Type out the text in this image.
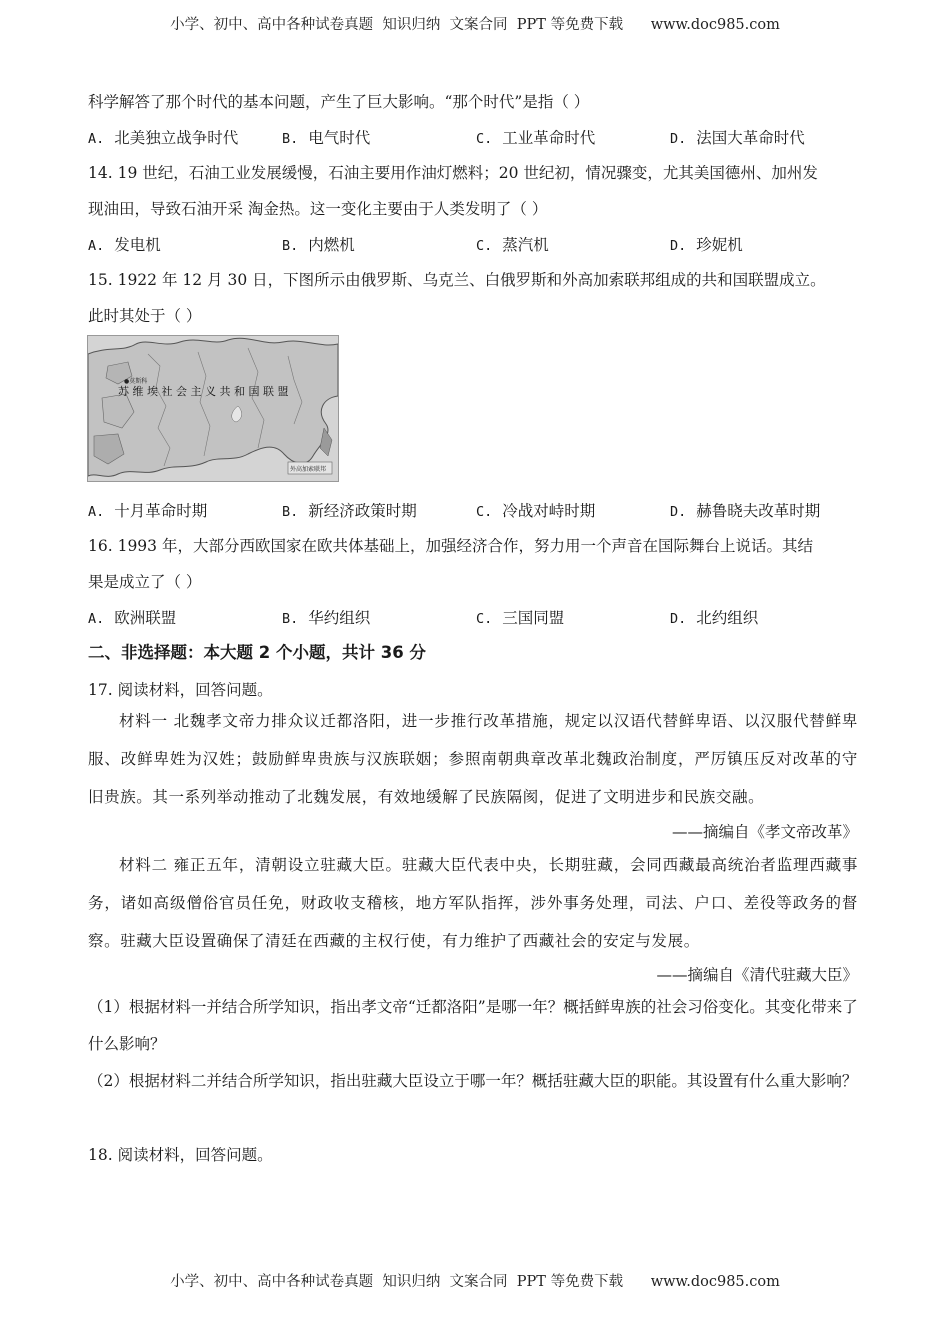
小学、初中、高中各种试卷真题  知识归纳  文案合同  PPT 等免费下载      www.doc985.com
科学解答了那个时代的基本问题，产生了巨大影响。“那个时代”是指（ ）
A. 北美独立战争时代	B. 电气时代	C. 工业革命时代	D. 法国大革命时代
14. 19 世纪，石油工业发展缓慢，石油主要用作油灯燃料；20 世纪初，情况骤变，尤其美国德州、加州发
现油田，导致石油开采 淘金热。这一变化主要由于人类发明了（ ）
A. 发电机	B. 内燃机	C. 蒸汽机	D. 珍妮机
15. 1922 年 12 月 30 日，下图所示由俄罗斯、乌克兰、白俄罗斯和外高加索联邦组成的共和国联盟成立。
此时其处于（ ）
●莫斯科
苏维埃社会主义共和国联盟
外高加索联邦
A. 十月革命时期	B. 新经济政策时期	C. 冷战对峙时期	D. 赫鲁晓夫改革时期
16. 1993 年，大部分西欧国家在欧共体基础上，加强经济合作，努力用一个声音在国际舞台上说话。其结
果是成立了（ ）
A. 欧洲联盟	B. 华约组织	C. 三国同盟	D. 北约组织
二、非选择题：本大题 2 个小题，共计 36 分
17. 阅读材料，回答问题。

材料一 北魏孝文帝力排众议迁都洛阳，进一步推行改革措施，规定以汉语代替鲜卑语、以汉服代替鲜卑服、改鲜卑姓为汉姓；鼓励鲜卑贵族与汉族联姻；参照南朝典章改革北魏政治制度，严厉镇压反对改革的守旧贵族。其一系列举动推动了北魏发展，有效地缓解了民族隔阂，促进了文明进步和民族交融。

——摘编自《孝文帝改革》

材料二 雍正五年，清朝设立驻藏大臣。驻藏大臣代表中央，长期驻藏，会同西藏最高统治者监理西藏事务，诸如高级僧俗官员任免，财政收支稽核，地方军队指挥，涉外事务处理，司法、户口、差役等政务的督察。驻藏大臣设置确保了清廷在西藏的主权行使，有力维护了西藏社会的安定与发展。

——摘编自《清代驻藏大臣》
（1）根据材料一并结合所学知识，指出孝文帝“迁都洛阳”是哪一年？概括鲜卑族的社会习俗变化。其变化带来了什么影响？
（2）根据材料二并结合所学知识，指出驻藏大臣设立于哪一年？概括驻藏大臣的职能。其设置有什么重大影响？
18. 阅读材料，回答问题。
小学、初中、高中各种试卷真题  知识归纳  文案合同  PPT 等免费下载      www.doc985.com
